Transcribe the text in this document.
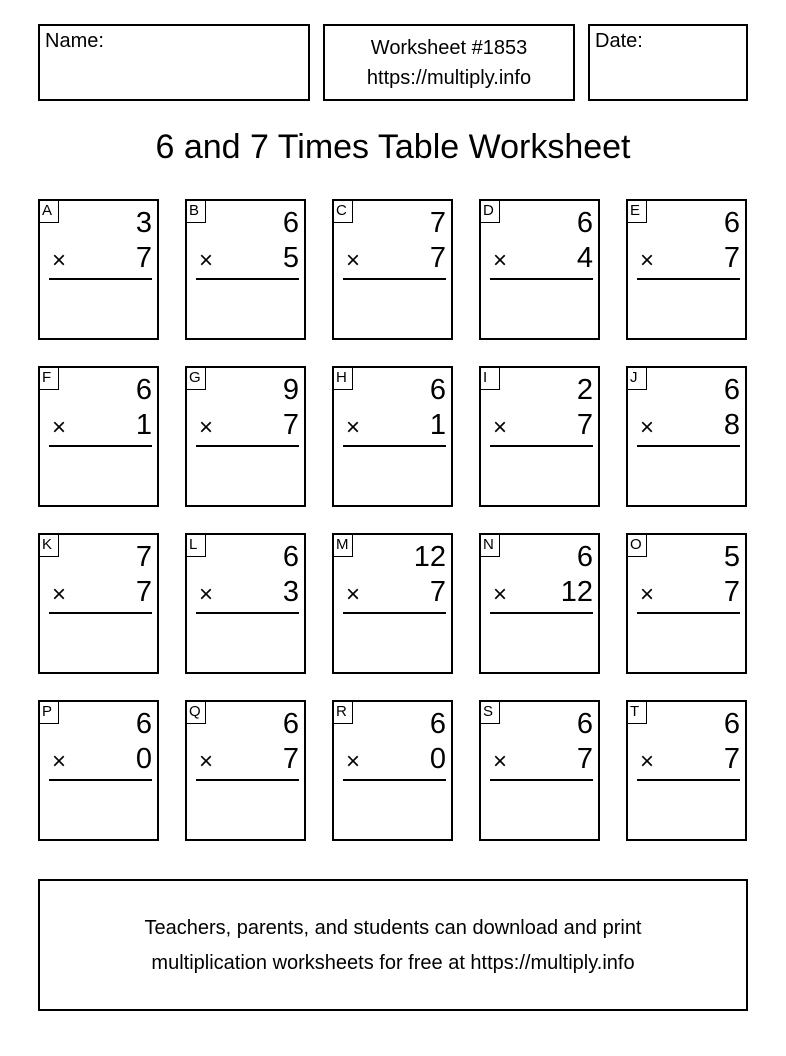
Name:	Worksheet #1853
https://multiply.info
Date:
6 and 7 Times Table Worksheet
A	3
× 7
B	6
× 5
C	7
× 7
D	6
× 4
E	6
× 7
F	6
× 1
G	9
× 7
H	6
× 1
I	2
× 7
J	6
× 8
K	7
× 7
L	6
× 3
M 12
× 7
N	6
× 12
O	5
× 7
P	6
× 0
Q	6
× 7
R	6
× 0
S	6
× 7
T	6
× 7
Teachers, parents, and students can download and print
multiplication worksheets for free at https://multiply.info
